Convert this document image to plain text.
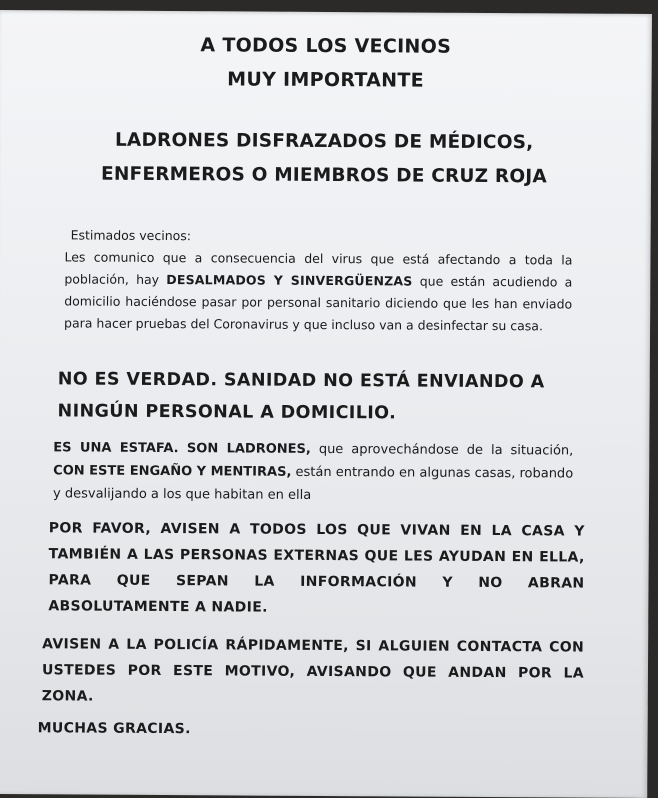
A TODOS LOS VECINOS
MUY IMPORTANTE
LADRONES DISFRAZADOS DE MÉDICOS,
ENFERMEROS O MIEMBROS DE CRUZ ROJA
Estimados vecinos:

Les comunico que a consecuencia del virus que está afectando a toda la población, hay DESALMADOS Y SINVERGÜENZAS que están acudiendo a domicilio haciéndose pasar por personal sanitario diciendo que les han enviado para hacer pruebas del Coronavirus y que incluso van a desinfectar su casa.

NO ES VERDAD. SANIDAD NO ESTÁ ENVIANDO A NINGÚN PERSONAL A DOMICILIO.

ES UNA ESTAFA. SON LADRONES, que aprovechándose de la situación, CON ESTE ENGAÑO Y MENTIRAS, están entrando en algunas casas, robando y desvalijando a los que habitan en ella

POR FAVOR, AVISEN A TODOS LOS QUE VIVAN EN LA CASA Y TAMBIÉN A LAS PERSONAS EXTERNAS QUE LES AYUDAN EN ELLA, PARA QUE SEPAN LA INFORMACIÓN Y NO ABRAN ABSOLUTAMENTE A NADIE.
AVISEN A LA POLICÍA RÁPIDAMENTE, SI ALGUIEN CONTACTA CON USTEDES POR ESTE MOTIVO, AVISANDO QUE ANDAN POR LA ZONA.
MUCHAS GRACIAS.
